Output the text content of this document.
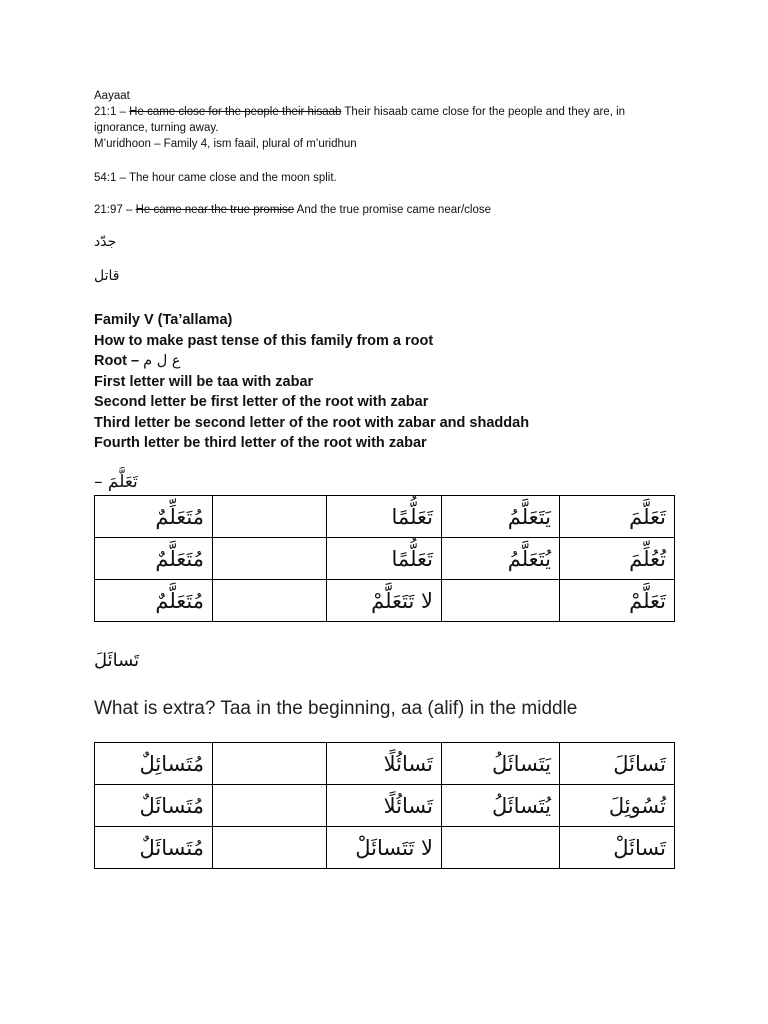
Aayaat
21:1 – He came close for the people their hisaab Their hisaab came close for the people and they are, in ignorance, turning away.
M’uridhoon – Family 4, ism faail, plural of m’uridhun
54:1 – The hour came close and the moon split.
21:97 – He came near the true promise And the true promise came near/close
جدّد
قاتل
Family V (Ta’allama)
How to make past tense of this family from a root
Root – ع ل م
First letter will be taa with zabar
Second letter be first letter of the root with zabar
Third letter be second letter of the root with zabar and shaddah
Fourth letter be third letter of the root with zabar
تَعَلَّمَ –
تَعَلَّمَ	يَتَعَلَّمُ	تَعَلُّمًا		مُتَعَلِّمٌ
تُعُلِّمَ	يُتَعَلَّمُ	تَعَلُّمًا		مُتَعَلَّمٌ
تَعَلَّمْ		لا تَتَعَلَّمْ		مُتَعَلَّمٌ
تَسائَلَ
What is extra? Taa in the beginning, aa (alif) in the middle
تَسائَلَ	يَتَسائَلُ	تَسائُلًا		مُتَسائِلٌ
تُسُوئِلَ	يُتَسائَلُ	تَسائُلًا		مُتَسائَلٌ
تَسائَلْ		لا تَتَسائَلْ		مُتَسائَلٌ
